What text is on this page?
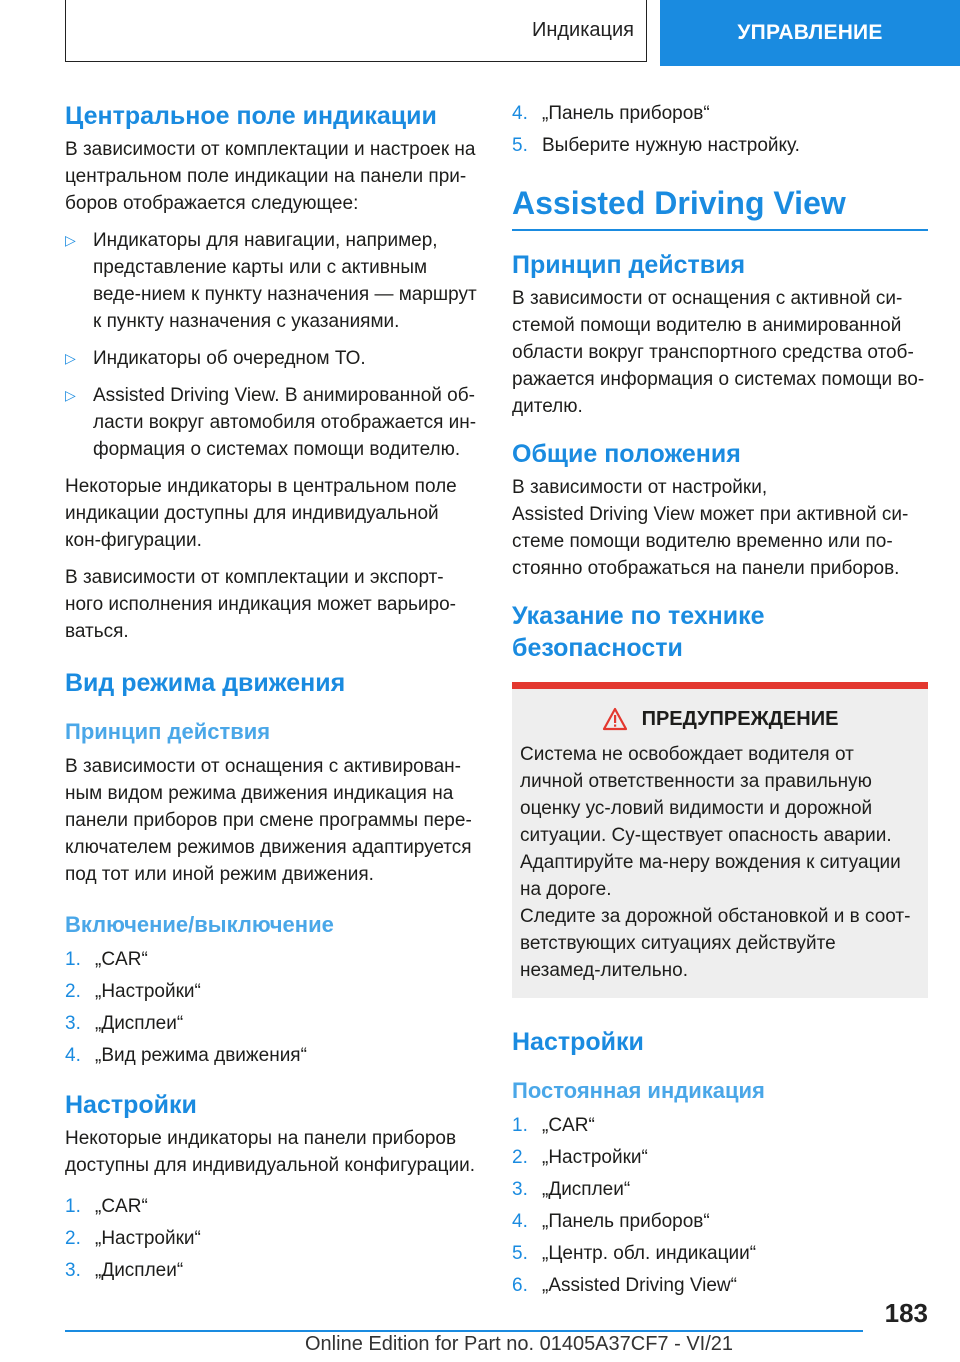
Индикация	УПРАВЛЕНИЕ
Центральное поле индикации

В зависимости от комплектации и настроек на центральном поле индикации на панели при-боров отображается следующее:

▷ Индикаторы для навигации, например, представление карты или с активным веде-нием к пункту назначения — маршрут к пункту назначения с указаниями.
▷ Индикаторы об очередном ТО.
▷ Assisted Driving View. В анимированной об-ласти вокруг автомобиля отображается ин-формация о системах помощи водителю.

Некоторые индикаторы в центральном поле индикации доступны для индивидуальной кон-фигурации.

В зависимости от комплектации и экспорт-ного исполнения индикация может варьиро-ваться.

Вид режима движения
Принцип действия

В зависимости от оснащения с активирован-ным видом режима движения индикация на панели приборов при смене программы пере-ключателем режимов движения адаптируется под тот или иной режим движения.

Включение/выключение
1. „CAR“
2. „Настройки“
3. „Дисплеи“
4. „Вид режима движения“
Настройки

Некоторые индикаторы на панели приборов доступны для индивидуальной конфигурации.

1. „CAR“
2. „Настройки“
3. „Дисплеи“
4. „Панель приборов“
5. Выберите нужную настройку.
Assisted Driving View
Принцип действия

В зависимости от оснащения с активной си-стемой помощи водителю в анимированной области вокруг транспортного средства отоб-ражается информация о системах помощи во-дителю.

Общие положения

В зависимости от настройки,
Assisted Driving View может при активной си-стеме помощи водителю временно или по-стоянно отображаться на панели приборов.

Указание по технике безопасности
ПРЕДУПРЕЖДЕНИЕ

Система не освобождает водителя от личной ответственности за правильную оценку ус-ловий видимости и дорожной ситуации. Су-ществует опасность аварии. Адаптируйте ма-неру вождения к ситуации на дороге.

Следите за дорожной обстановкой и в соот-ветствующих ситуациях действуйте незамед-лительно.

Настройки
Постоянная индикация
1. „CAR“
2. „Настройки“
3. „Дисплеи“
4. „Панель приборов“
5. „Центр. обл. индикации“
6. „Assisted Driving View“
183
Online Edition for Part no. 01405A37CF7 - VI/21
